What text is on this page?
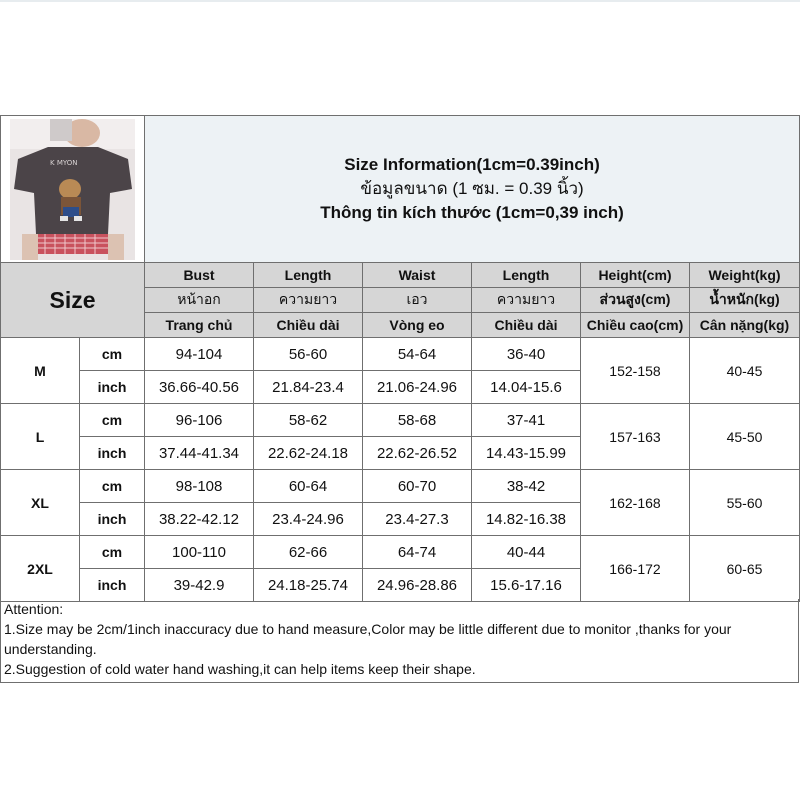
K MYON		Size Information(1cm=0.39inch)
ข้อมูลขนาด (1 ซม. = 0.39 นิ้ว)
Thông tin kích thước (1cm=0,39 inch)					

Size		Bust	Length	Waist	Length	Height(cm)	Weight(kg)
		หน้าอก	ความยาว	เอว	ความยาว	ส่วนสูง(cm)	น้ำหนัก(kg)
		Trang chủ	Chiều dài	Vòng eo	Chiều dài	Chiều cao(cm)	Cân nặng(kg)
M	cm	94-104	56-60	54-64	36-40	152-158	40-45
	inch	36.66-40.56	21.84-23.4	21.06-24.96	14.04-15.6		
L	cm	96-106	58-62	58-68	37-41	157-163	45-50
	inch	37.44-41.34	22.62-24.18	22.62-26.52	14.43-15.99		
XL	cm	98-108	60-64	60-70	38-42	162-168	55-60
	inch	38.22-42.12	23.4-24.96	23.4-27.3	14.82-16.38		
2XL	cm	100-110	62-66	64-74	40-44	166-172	60-65
	inch	39-42.9	24.18-25.74	24.96-28.86	15.6-17.16		

Attention:

1.Size may be 2cm/1inch inaccuracy due to hand measure,Color may be little different due to monitor ,thanks for your understanding.

2.Suggestion of cold water hand washing,it can help items keep their shape.
